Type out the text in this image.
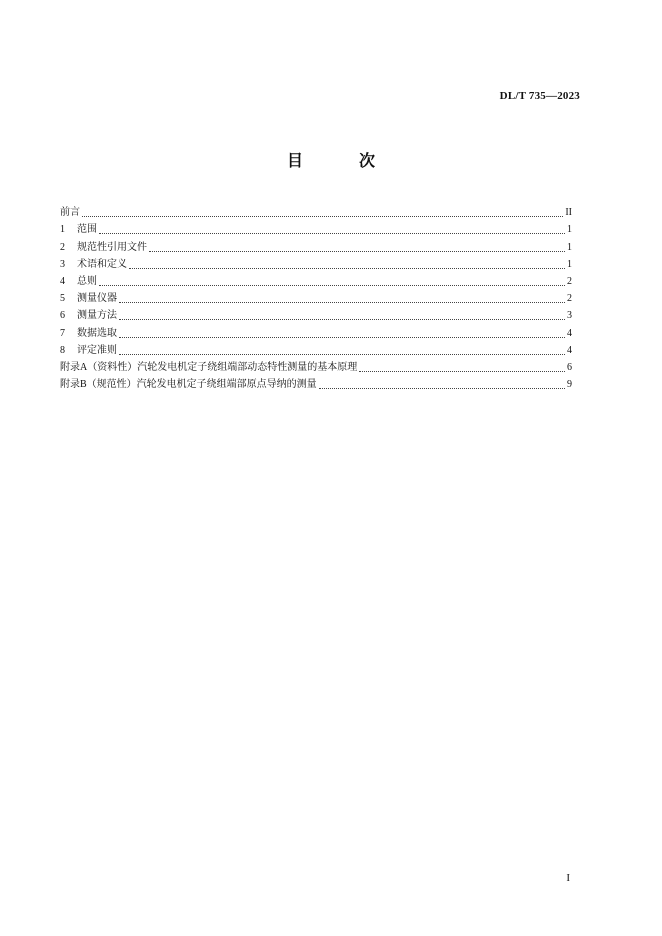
DL/T 735—2023
目 次
前言	II
1	范围	1
2	规范性引用文件	1
3	术语和定义	1
4	总则	2
5	测量仪器	2
6	测量方法	3
7	数据选取	4
8	评定准则	4
附录A（资料性）汽轮发电机定子绕组端部动态特性测量的基本原理	6
附录B（规范性）汽轮发电机定子绕组端部原点导纳的测量	9
I
